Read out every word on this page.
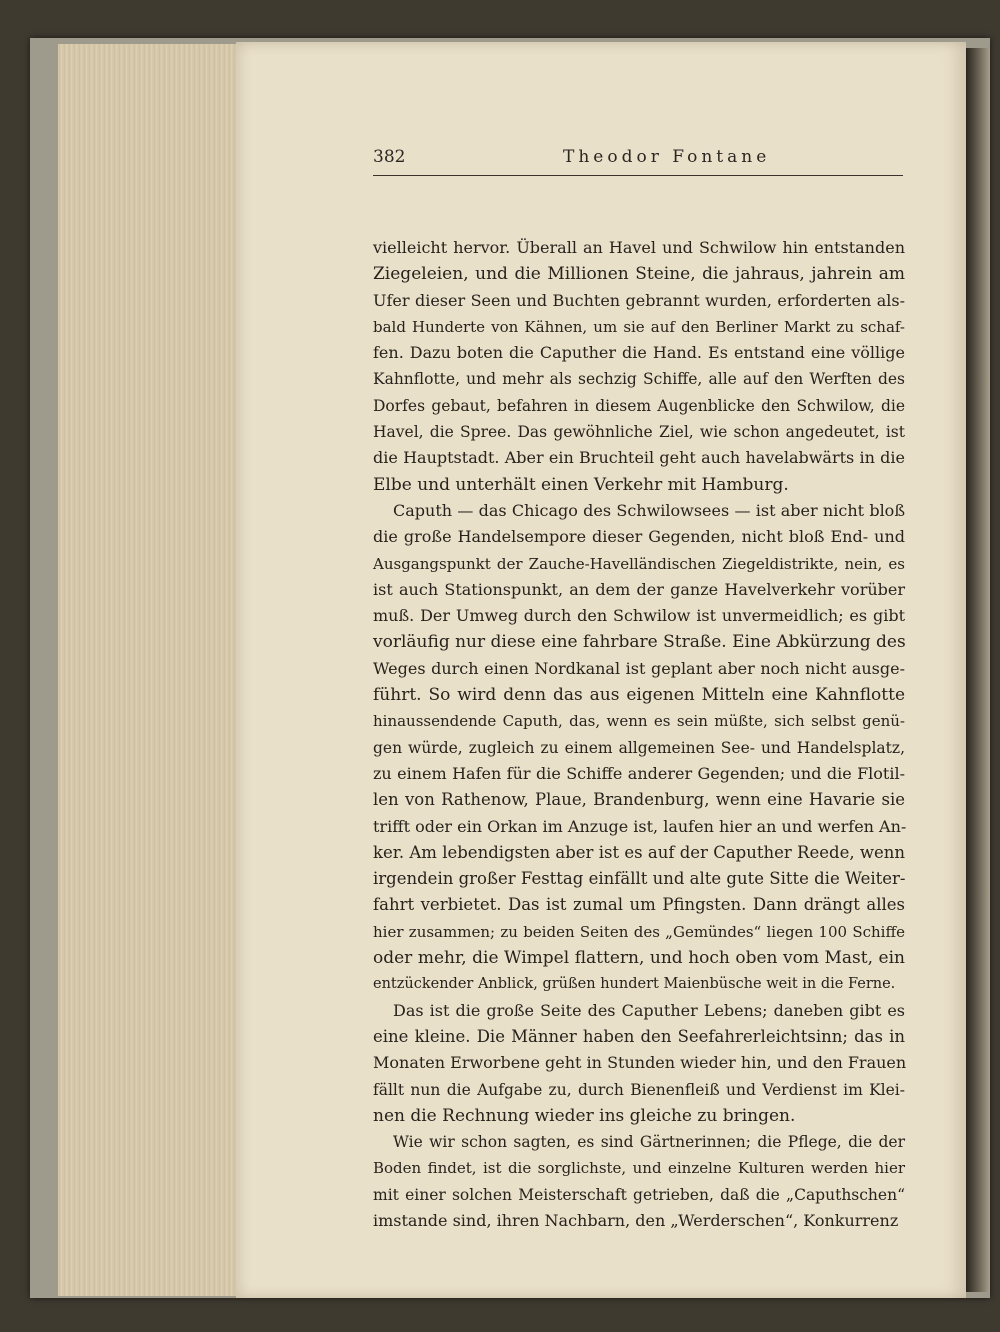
382	Theodor Fontane
vielleicht hervor. Überall an Havel und Schwilow hin entstanden
Ziegeleien, und die Millionen Steine, die jahraus, jahrein am
Ufer dieser Seen und Buchten gebrannt wurden, erforderten als-
bald Hunderte von Kähnen, um sie auf den Berliner Markt zu schaf-
fen. Dazu boten die Caputher die Hand. Es entstand eine völlige
Kahnflotte, und mehr als sechzig Schiffe, alle auf den Werften des
Dorfes gebaut, befahren in diesem Augenblicke den Schwilow, die
Havel, die Spree. Das gewöhnliche Ziel, wie schon angedeutet, ist
die Hauptstadt. Aber ein Bruchteil geht auch havelabwärts in die
Elbe und unterhält einen Verkehr mit Hamburg.
Caputh — das Chicago des Schwilowsees — ist aber nicht bloß
die große Handelsempore dieser Gegenden, nicht bloß End- und
Ausgangspunkt der Zauche-Havelländischen Ziegeldistrikte, nein, es
ist auch Stationspunkt, an dem der ganze Havelverkehr vorüber
muß. Der Umweg durch den Schwilow ist unvermeidlich; es gibt
vorläufig nur diese eine fahrbare Straße. Eine Abkürzung des
Weges durch einen Nordkanal ist geplant aber noch nicht ausge-
führt. So wird denn das aus eigenen Mitteln eine Kahnflotte
hinaussendende Caputh, das, wenn es sein müßte, sich selbst genü-
gen würde, zugleich zu einem allgemeinen See- und Handelsplatz,
zu einem Hafen für die Schiffe anderer Gegenden; und die Flotil-
len von Rathenow, Plaue, Brandenburg, wenn eine Havarie sie
trifft oder ein Orkan im Anzuge ist, laufen hier an und werfen An-
ker. Am lebendigsten aber ist es auf der Caputher Reede, wenn
irgendein großer Festtag einfällt und alte gute Sitte die Weiter-
fahrt verbietet. Das ist zumal um Pfingsten. Dann drängt alles
hier zusammen; zu beiden Seiten des „Gemündes“ liegen 100 Schiffe
oder mehr, die Wimpel flattern, und hoch oben vom Mast, ein
entzückender Anblick, grüßen hundert Maienbüsche weit in die Ferne.
Das ist die große Seite des Caputher Lebens; daneben gibt es
eine kleine. Die Männer haben den Seefahrerleichtsinn; das in
Monaten Erworbene geht in Stunden wieder hin, und den Frauen
fällt nun die Aufgabe zu, durch Bienenfleiß und Verdienst im Klei-
nen die Rechnung wieder ins gleiche zu bringen.
Wie wir schon sagten, es sind Gärtnerinnen; die Pflege, die der
Boden findet, ist die sorglichste, und einzelne Kulturen werden hier
mit einer solchen Meisterschaft getrieben, daß die „Caputhschen“
imstande sind, ihren Nachbarn, den „Werderschen“, Konkurrenz
